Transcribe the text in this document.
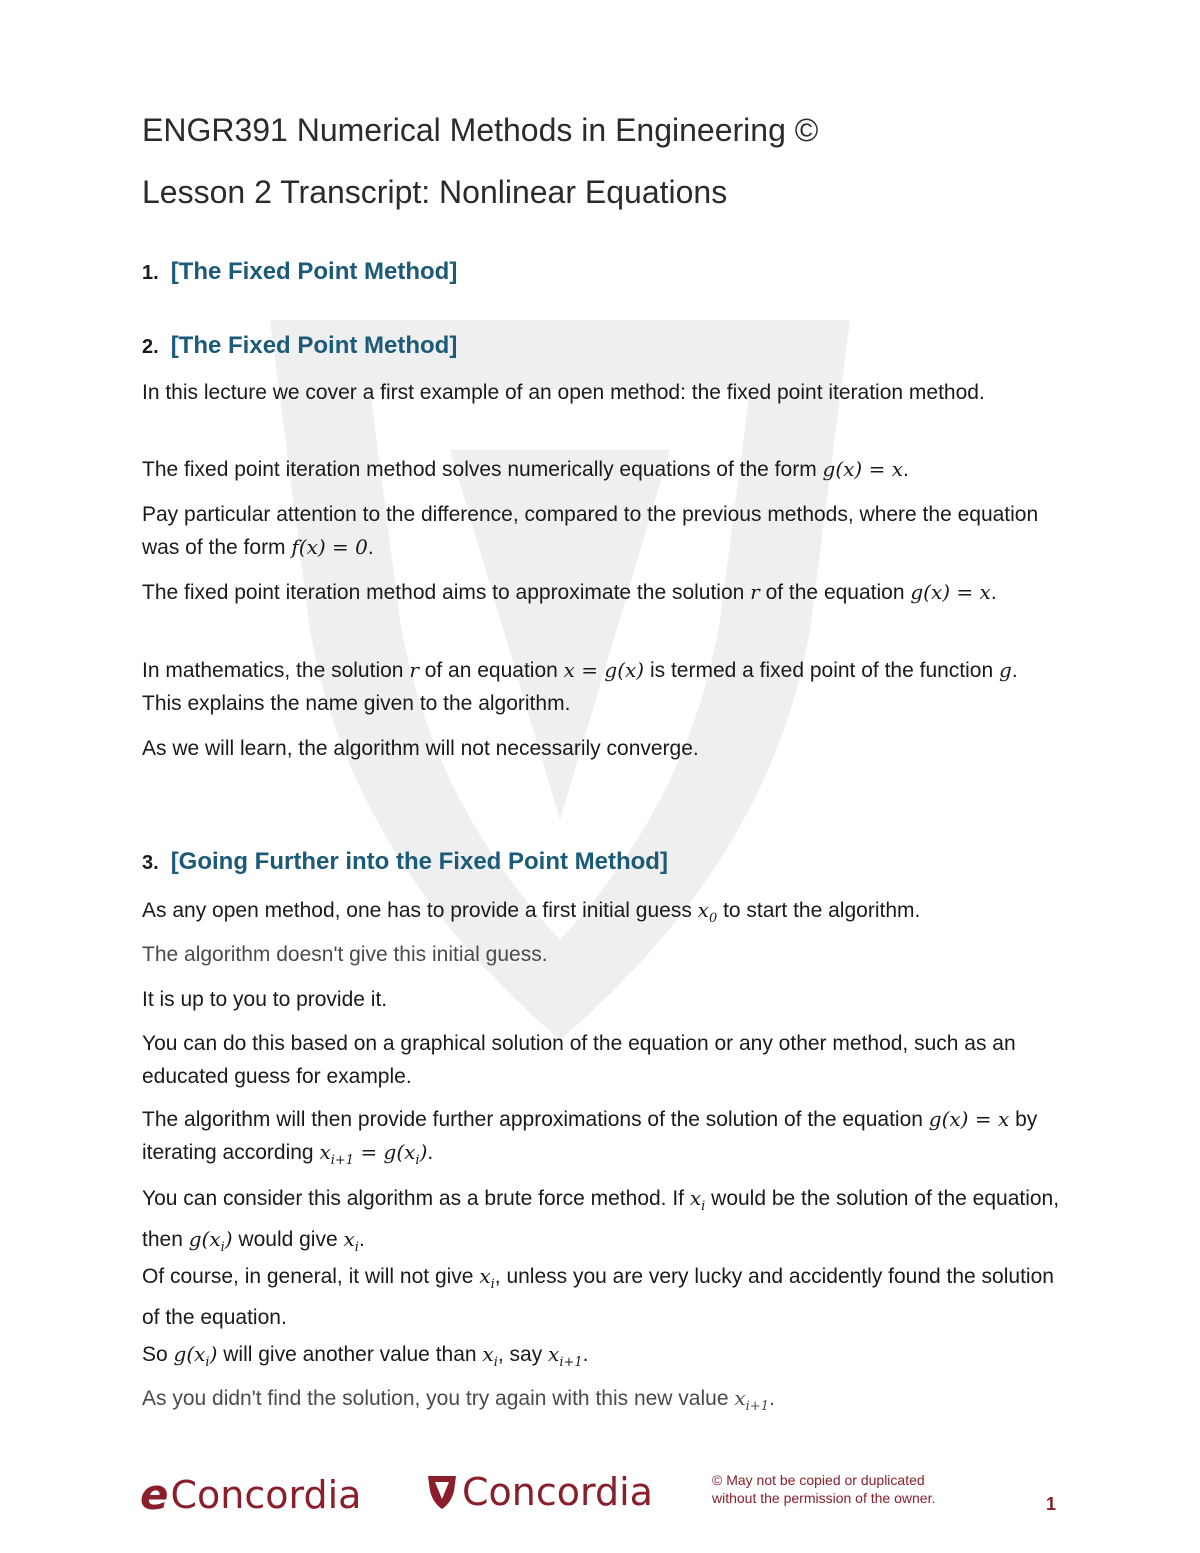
ENGR391 Numerical Methods in Engineering ©
Lesson 2 Transcript: Nonlinear Equations
1. [The Fixed Point Method]
2. [The Fixed Point Method]

In this lecture we cover a first example of an open method: the fixed point iteration method.

The fixed point iteration method solves numerically equations of the form g(x) = x.

Pay particular attention to the difference, compared to the previous methods, where the equation was of the form f(x) = 0.

The fixed point iteration method aims to approximate the solution r of the equation g(x) = x.

In mathematics, the solution r of an equation x = g(x) is termed a fixed point of the function g. This explains the name given to the algorithm.

As we will learn, the algorithm will not necessarily converge.

3. [Going Further into the Fixed Point Method]

As any open method, one has to provide a first initial guess $x_0$ to start the algorithm.

The algorithm doesn't give this initial guess.

It is up to you to provide it.

You can do this based on a graphical solution of the equation or any other method, such as an educated guess for example.

The algorithm will then provide further approximations of the solution of the equation g(x) = x by iterating according $x_{i+1} = g(x_i)$.

You can consider this algorithm as a brute force method. If $x_i$ would be the solution of the equation, then $g(x_i)$ would give $x_i$.

Of course, in general, it will not give $x_i$, unless you are very lucky and accidently found the solution of the equation.

So $g(x_i)$ will give another value than $x_i$, say $x_{i+1}$.

As you didn't find the solution, you try again with this new value $x_{i+1}$.

e Concordia	Concordia	© May not be copied or duplicated
without the permission of the owner.	1
